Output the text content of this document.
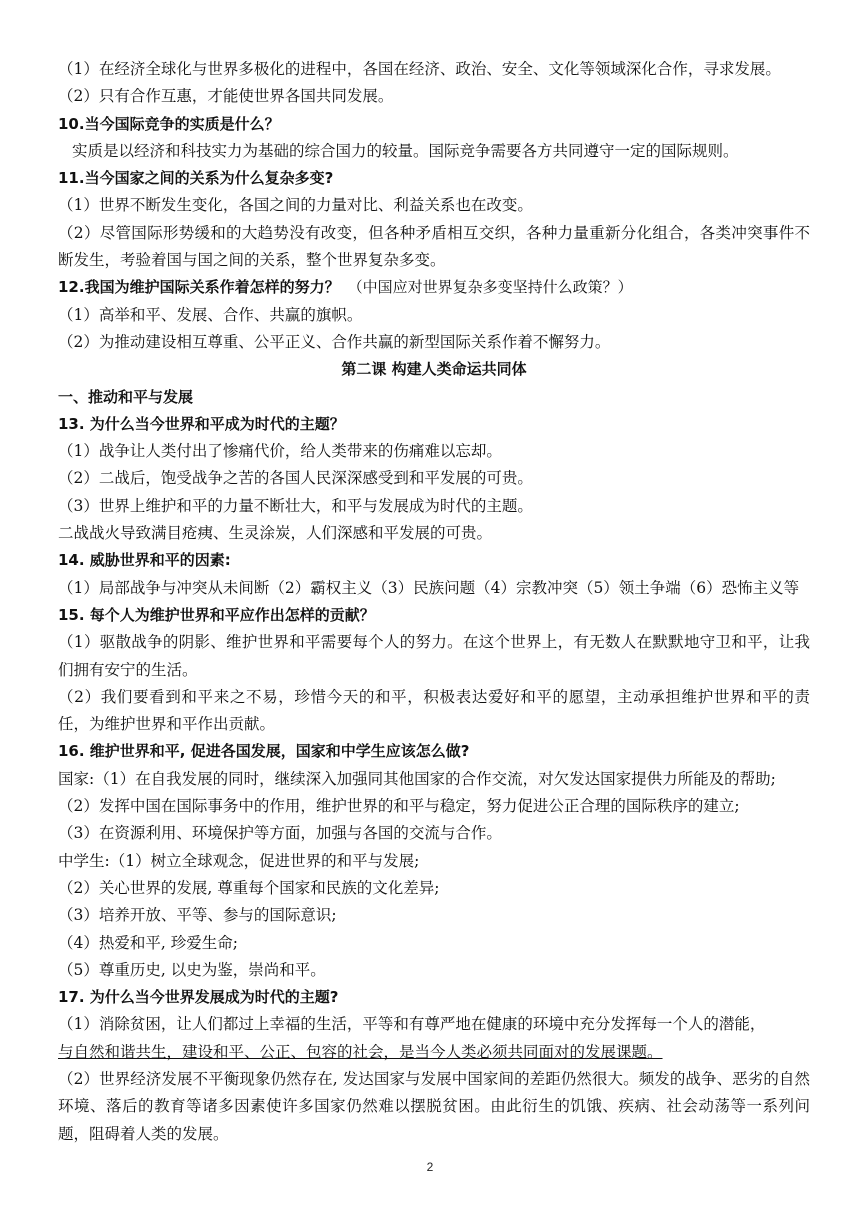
（1）在经济全球化与世界多极化的进程中，各国在经济、政治、安全、文化等领域深化合作，寻求发展。
（2）只有合作互惠，才能使世界各国共同发展。
10.当今国际竞争的实质是什么？
实质是以经济和科技实力为基础的综合国力的较量。国际竞争需要各方共同遵守一定的国际规则。
11.当今国家之间的关系为什么复杂多变?
（1）世界不断发生变化，各国之间的力量对比、利益关系也在改变。
（2）尽管国际形势缓和的大趋势没有改变，但各种矛盾相互交织，各种力量重新分化组合，各类冲突事件不断发生，考验着国与国之间的关系，整个世界复杂多变。
12.我国为维护国际关系作着怎样的努力？ （中国应对世界复杂多变坚持什么政策？）
（1）高举和平、发展、合作、共赢的旗帜。
（2）为推动建设相互尊重、公平正义、合作共赢的新型国际关系作着不懈努力。
第二课 构建人类命运共同体
一、推动和平与发展
13. 为什么当今世界和平成为时代的主题？
（1）战争让人类付出了惨痛代价，给人类带来的伤痛难以忘却。
（2）二战后，饱受战争之苦的各国人民深深感受到和平发展的可贵。
（3）世界上维护和平的力量不断壮大，和平与发展成为时代的主题。
二战战火导致满目疮痍、生灵涂炭，人们深感和平发展的可贵。
14. 威胁世界和平的因素:
（1）局部战争与冲突从未间断（2）霸权主义（3）民族问题（4）宗教冲突（5）领土争端（6）恐怖主义等
15. 每个人为维护世界和平应作出怎样的贡献？
（1）驱散战争的阴影、维护世界和平需要每个人的努力。在这个世界上，有无数人在默默地守卫和平，让我们拥有安宁的生活。
（2）我们要看到和平来之不易，珍惜今天的和平，积极表达爱好和平的愿望，主动承担维护世界和平的责任，为维护世界和平作出贡献。
16. 维护世界和平, 促进各国发展，国家和中学生应该怎么做?
国家:（1）在自我发展的同时，继续深入加强同其他国家的合作交流，对欠发达国家提供力所能及的帮助;
（2）发挥中国在国际事务中的作用，维护世界的和平与稳定，努力促进公正合理的国际秩序的建立;
（3）在资源利用、环境保护等方面，加强与各国的交流与合作。
中学生:（1）树立全球观念，促进世界的和平与发展;
（2）关心世界的发展, 尊重每个国家和民族的文化差异;
（3）培养开放、平等、参与的国际意识;
（4）热爱和平, 珍爱生命;
（5）尊重历史, 以史为鉴，崇尚和平。
17. 为什么当今世界发展成为时代的主题?
（1）消除贫困，让人们都过上幸福的生活，平等和有尊严地在健康的环境中充分发挥每一个人的潜能，
与自然和谐共生，建设和平、公正、包容的社会，是当今人类必须共同面对的发展课题。
（2）世界经济发展不平衡现象仍然存在, 发达国家与发展中国家间的差距仍然很大。频发的战争、恶劣的自然环境、落后的教育等诸多因素使许多国家仍然难以摆脱贫困。由此衍生的饥饿、疾病、社会动荡等一系列问题，阻碍着人类的发展。
2
